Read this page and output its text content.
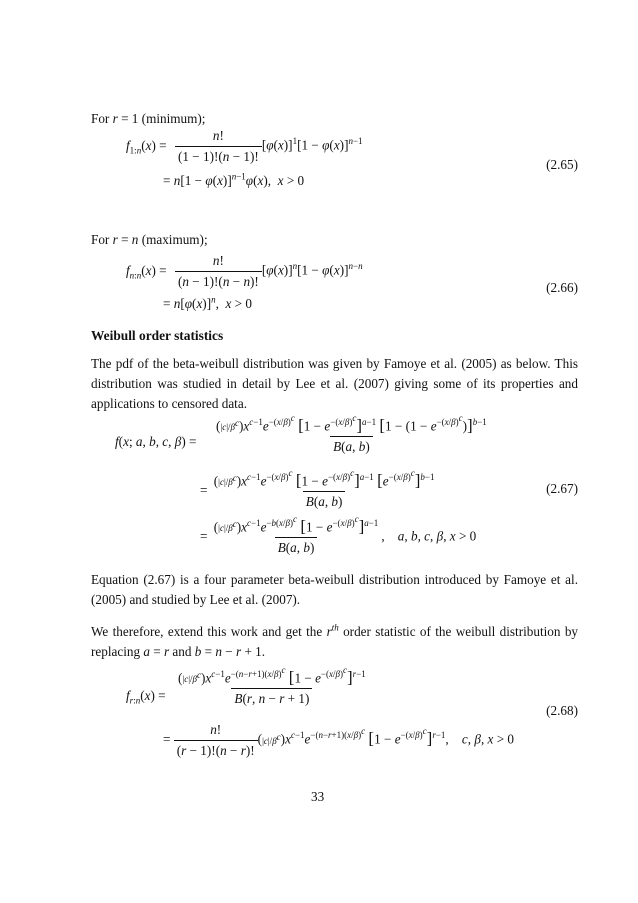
For r = 1 (minimum);
$f_{1:n}(x) = \frac{n!}{(1 - 1)!(n - 1)!} [\varphi(x)]^1[1 - \varphi(x)]^{n-1}$
= $n[1 - \varphi(x)]^{n-1}\varphi(x)$,  x > 0
(2.65)
For r = n (maximum);
$f_{n:n}(x) = \frac{n!}{(n - 1)!(n - n)!} [\varphi(x)]^n[1 - \varphi(x)]^{n-n}$
= $n[\varphi(x)]^n$,  x > 0
(2.66)
Weibull order statistics
The pdf of the beta-weibull distribution was given by Famoye et al. (2005) as below. This distribution was studied in detail by Lee et al. (2007) giving some of its properties and applications to censored data.
f(x; a, b, c, β) =
$(|c|/\beta^c)x^{c-1}e^{-(x/\beta)^c}$ $[1 - e^{-(x/\beta)^c}]^{a-1}$ $[1 - (1 - e^{-(x/\beta)^c})]^{b-1}$
B(a, b)
= $\frac{(|c|/\beta^c)x^{c-1}e^{-(x/\beta)^c} [1 - e^{-(x/\beta)^c}]^{a-1} [e^{-(x/\beta)^c}]^{b-1}}{B(a, b)}$
= $\frac{(|c|/\beta^c)x^{c-1}e^{-b(x/\beta)^c} [1 - e^{-(x/\beta)^c}]^{a-1}}{B(a, b)}$ ,    a, b, c, β, x > 0
(2.67)
Equation (2.67) is a four parameter beta-weibull distribution introduced by Famoye et al. (2005) and studied by Lee et al. (2007).
We therefore, extend this work and get the $r^{th}$ order statistic of the weibull distribution by replacing a = r and b = n − r + 1.
$f_{r:n}(x) = \frac{(|c|/\beta^c)x^{c-1}e^{-(n-r+1)(x/\beta)^c} [1 - e^{-(x/\beta)^c}]^{r-1}}{B(r, n - r + 1)}$
= $\frac{n!}{(r - 1)!(n - r)!} (|c|/\beta^c)x^{c-1}e^{-(n-r+1)(x/\beta)^c}$ $[1 - e^{-(x/\beta)^c}]^{r-1}$,    c, β, x > 0
(2.68)
33
